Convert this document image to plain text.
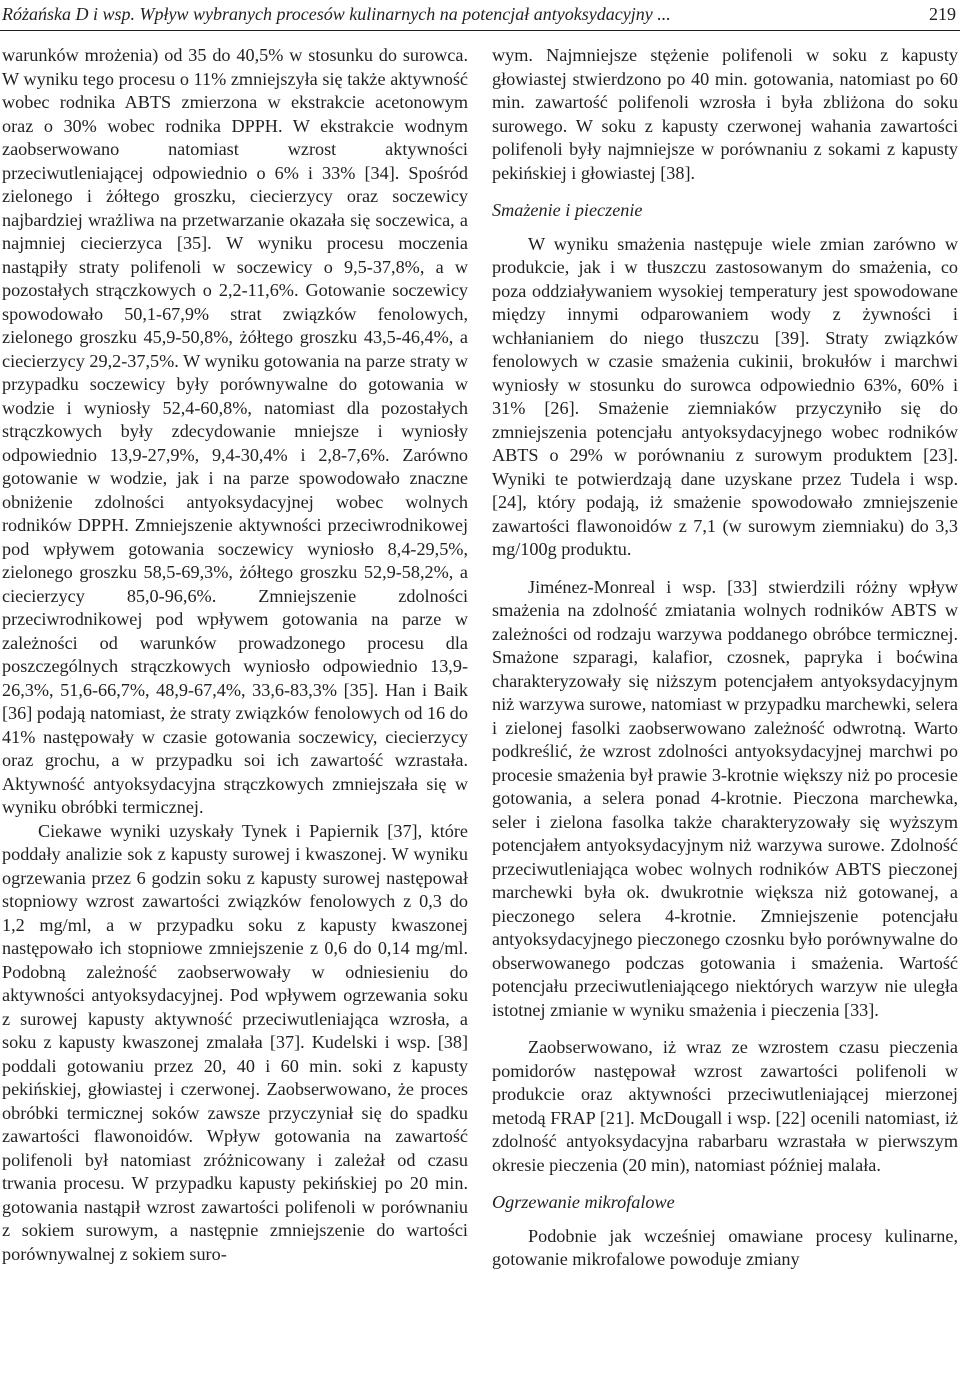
Różańska D i wsp. Wpływ wybranych procesów kulinarnych na potencjał antyoksydacyjny ...	219

warunków mrożenia) od 35 do 40,5% w stosunku do surowca. W wyniku tego procesu o 11% zmniejszyła się także aktywność wobec rodnika ABTS zmierzona w ekstrakcie acetonowym oraz o 30% wobec rodnika DPPH. W ekstrakcie wodnym zaobserwowano natomiast wzrost aktywności przeciwutleniającej odpowiednio o 6% i 33% [34]. Spośród zielonego i żółtego groszku, ciecierzycy oraz soczewicy najbardziej wrażliwa na przetwarzanie okazała się soczewica, a najmniej ciecierzyca [35]. W wyniku procesu moczenia nastąpiły straty polifenoli w soczewicy o 9,5-37,8%, a w pozostałych strączkowych o 2,2-11,6%. Gotowanie soczewicy spowodowało 50,1-67,9% strat związków fenolowych, zielonego groszku 45,9-50,8%, żółtego groszku 43,5-46,4%, a ciecierzycy 29,2-37,5%. W wyniku gotowania na parze straty w przypadku soczewicy były porównywalne do gotowania w wodzie i wyniosły 52,4-60,8%, natomiast dla pozostałych strączkowych były zdecydowanie mniejsze i wyniosły odpowiednio 13,9-27,9%, 9,4-30,4% i 2,8-7,6%. Zarówno gotowanie w wodzie, jak i na parze spowodowało znaczne obniżenie zdolności antyoksydacyjnej wobec wolnych rodników DPPH. Zmniejszenie aktywności przeciwrodnikowej pod wpływem gotowania soczewicy wyniosło 8,4-29,5%, zielonego groszku 58,5-69,3%, żółtego groszku 52,9-58,2%, a ciecierzycy 85,0-96,6%. Zmniejszenie zdolności przeciwrodnikowej pod wpływem gotowania na parze w zależności od warunków prowadzonego procesu dla poszczególnych strączkowych wyniosło odpowiednio 13,9-26,3%, 51,6-66,7%, 48,9-67,4%, 33,6-83,3% [35]. Han i Baik [36] podają natomiast, że straty związków fenolowych od 16 do 41% następowały w czasie gotowania soczewicy, ciecierzycy oraz grochu, a w przypadku soi ich zawartość wzrastała. Aktywność antyoksydacyjna strączkowych zmniejszała się w wyniku obróbki termicznej.

Ciekawe wyniki uzyskały Tynek i Papiernik [37], które poddały analizie sok z kapusty surowej i kwaszonej. W wyniku ogrzewania przez 6 godzin soku z kapusty surowej następował stopniowy wzrost zawartości związków fenolowych z 0,3 do 1,2 mg/ml, a w przypadku soku z kapusty kwaszonej następowało ich stopniowe zmniejszenie z 0,6 do 0,14 mg/ml. Podobną zależność zaobserwowały w odniesieniu do aktywności antyoksydacyjnej. Pod wpływem ogrzewania soku z surowej kapusty aktywność przeciwutleniająca wzrosła, a soku z kapusty kwaszonej zmalała [37]. Kudelski i wsp. [38] poddali gotowaniu przez 20, 40 i 60 min. soki z kapusty pekińskiej, głowiastej i czerwonej. Zaobserwowano, że proces obróbki termicznej soków zawsze przyczyniał się do spadku zawartości flawonoidów. Wpływ gotowania na zawartość polifenoli był natomiast zróżnicowany i zależał od czasu trwania procesu. W przypadku kapusty pekińskiej po 20 min. gotowania nastąpił wzrost zawartości polifenoli w porównaniu z sokiem surowym, a następnie zmniejszenie do wartości porównywalnej z sokiem suro-

wym. Najmniejsze stężenie polifenoli w soku z kapusty głowiastej stwierdzono po 40 min. gotowania, natomiast po 60 min. zawartość polifenoli wzrosła i była zbliżona do soku surowego. W soku z kapusty czerwonej wahania zawartości polifenoli były najmniejsze w porównaniu z sokami z kapusty pekińskiej i głowiastej [38].

Smażenie i pieczenie

W wyniku smażenia następuje wiele zmian zarówno w produkcie, jak i w tłuszczu zastosowanym do smażenia, co poza oddziaływaniem wysokiej temperatury jest spowodowane między innymi odparowaniem wody z żywności i wchłanianiem do niego tłuszczu [39]. Straty związków fenolowych w czasie smażenia cukinii, brokułów i marchwi wyniosły w stosunku do surowca odpowiednio 63%, 60% i 31% [26]. Smażenie ziemniaków przyczyniło się do zmniejszenia potencjału antyoksydacyjnego wobec rodników ABTS o 29% w porównaniu z surowym produktem [23]. Wyniki te potwierdzają dane uzyskane przez Tudela i wsp. [24], który podają, iż smażenie spowodowało zmniejszenie zawartości flawonoidów z 7,1 (w surowym ziemniaku) do 3,3 mg/100g produktu.

Jiménez-Monreal i wsp. [33] stwierdzili różny wpływ smażenia na zdolność zmiatania wolnych rodników ABTS w zależności od rodzaju warzywa poddanego obróbce termicznej. Smażone szparagi, kalafior, czosnek, papryka i boćwina charakteryzowały się niższym potencjałem antyoksydacyjnym niż warzywa surowe, natomiast w przypadku marchewki, selera i zielonej fasolki zaobserwowano zależność odwrotną. Warto podkreślić, że wzrost zdolności antyoksydacyjnej marchwi po procesie smażenia był prawie 3-krotnie większy niż po procesie gotowania, a selera ponad 4-krotnie. Pieczona marchewka, seler i zielona fasolka także charakteryzowały się wyższym potencjałem antyoksydacyjnym niż warzywa surowe. Zdolność przeciwutleniająca wobec wolnych rodników ABTS pieczonej marchewki była ok. dwukrotnie większa niż gotowanej, a pieczonego selera 4-krotnie. Zmniejszenie potencjału antyoksydacyjnego pieczonego czosnku było porównywalne do obserwowanego podczas gotowania i smażenia. Wartość potencjału przeciwutleniającego niektórych warzyw nie uległa istotnej zmianie w wyniku smażenia i pieczenia [33].

Zaobserwowano, iż wraz ze wzrostem czasu pieczenia pomidorów następował wzrost zawartości polifenoli w produkcie oraz aktywności przeciwutleniającej mierzonej metodą FRAP [21]. McDougall i wsp. [22] ocenili natomiast, iż zdolność antyoksydacyjna rabarbaru wzrastała w pierwszym okresie pieczenia (20 min), natomiast później malała.

Ogrzewanie mikrofalowe

Podobnie jak wcześniej omawiane procesy kulinarne, gotowanie mikrofalowe powoduje zmiany
